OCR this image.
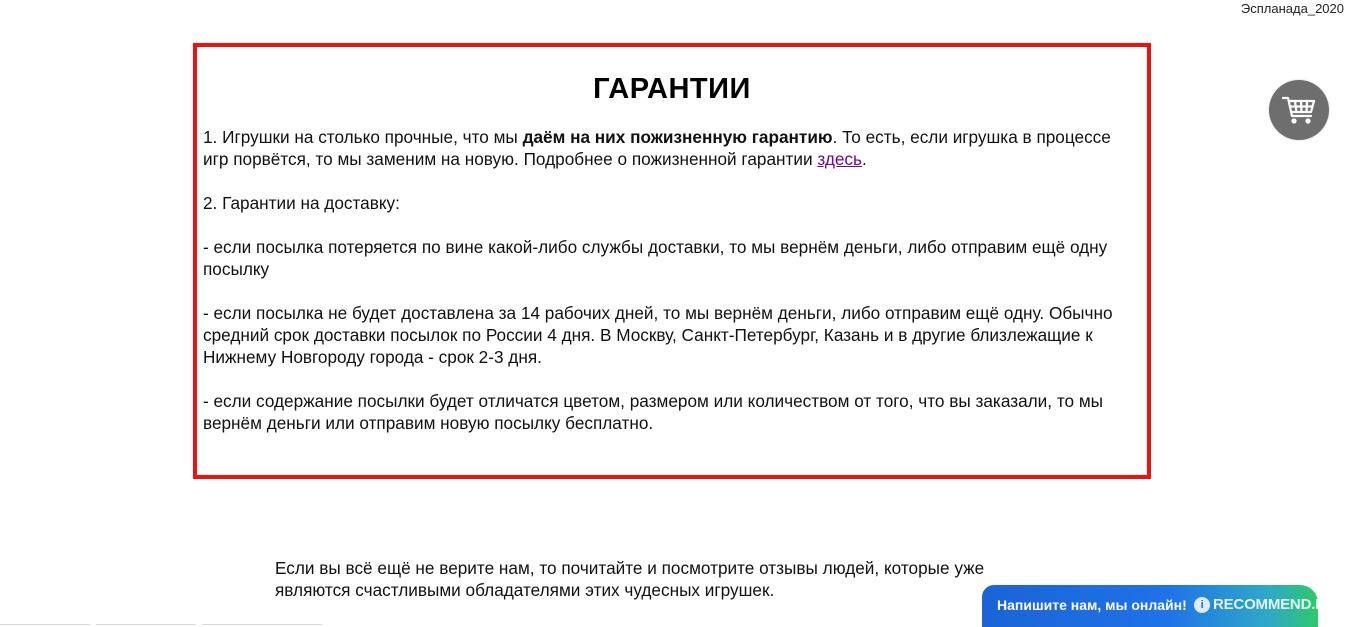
Эспланада_2020
ГАРАНТИИ

1. Игрушки на столько прочные, что мы даём на них пожизненную гарантию. То есть, если игрушка в процессе игр порвётся, то мы заменим на новую. Подробнее о пожизненной гарантии здесь.

2. Гарантии на доставку:

- если посылка потеряется по вине какой-либо службы доставки, то мы вернём деньги, либо отправим ещё одну посылку

- если посылка не будет доставлена за 14 рабочих дней, то мы вернём деньги, либо отправим ещё одну. Обычно средний срок доставки посылок по России 4 дня. В Москву, Санкт-Петербург, Казань и в другие близлежащие к Нижнему Новгороду города - срок 2-3 дня.

- если содержание посылки будет отличатся цветом, размером или количеством от того, что вы заказали, то мы вернём деньги или отправим новую посылку бесплатно.

Если вы всё ещё не верите нам, то почитайте и посмотрите отзывы людей, которые уже являются счастливыми обладателями этих чудесных игрушек.

Напишите нам, мы онлайн!	i RECOMMEND.RU
